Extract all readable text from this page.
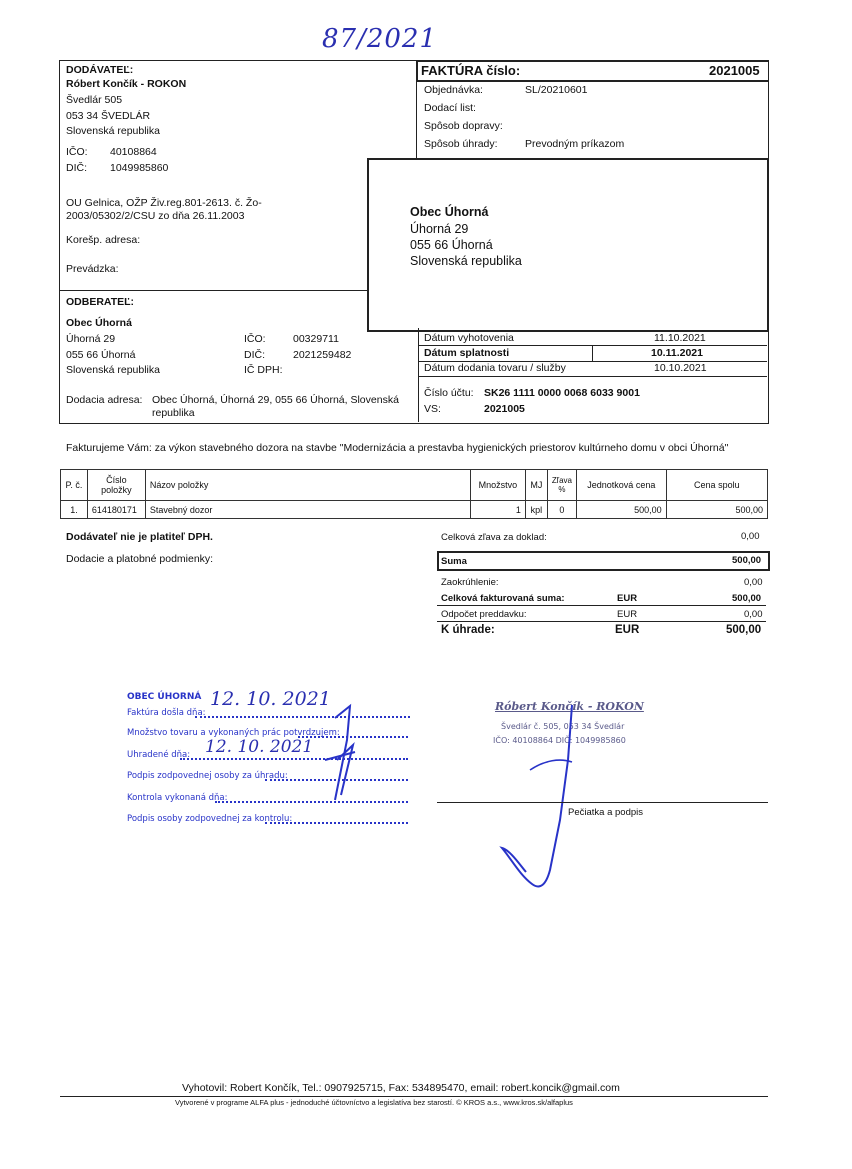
87/2021
DODÁVATEĽ:
Róbert Končík - ROKON
Švedlár 505
053 34 ŠVEDLÁR
Slovenská republika
IČO: 40108864
DIČ: 1049985860
OU Gelnica, OŽP Živ.reg.801-2613. č. Žo-2003/05302/2/CSU zo dňa 26.11.2003
Korešp. adresa:
Prevádzka:
FAKTÚRA číslo:	2021005
Objednávka:	SL/20210601
Dodací list:
Spôsob dopravy:
Spôsob úhrady:	Prevodným príkazom
Obec Úhorná
Úhorná 29
055 66 Úhorná
Slovenská republika
ODBERATEĽ:
Obec Úhorná
Úhorná 29
055 66 Úhorná
Slovenská republika
IČO:	00329711
DIČ:	2021259482
IČ DPH:
Dodacia adresa: Obec Úhorná, Úhorná 29, 055 66 Úhorná, Slovenská republika
Dátum vyhotovenia	11.10.2021
Dátum splatnosti	10.11.2021
Dátum dodania tovaru / služby	10.10.2021
Číslo účtu: SK26 1111 0000 0068 6033 9001
VS:	2021005
Fakturujeme Vám: za výkon stavebného dozora na stavbe "Modernizácia a prestavba hygienických priestorov kultúrneho domu v obci Úhorná"
P. č.	Číslo položky	Názov položky	Množstvo	MJ	Zľava %	Jednotková cena	Cena spolu
1.	614180171	Stavebný dozor	1	kpl	0	500,00	500,00
Dodávateľ nie je platiteľ DPH.
Dodacie a platobné podmienky:
Celková zľava za doklad:	0,00
Suma	500,00
Zaokrúhlenie:	0,00
Celková fakturovaná suma:	EUR	500,00
Odpočet preddavku:	EUR	0,00
K úhrade:	EUR	500,00
OBEC ÚHORNÁ
Faktúra došla dňa:
12. 10. 2021
Množstvo tovaru a vykonaných prác potvrdzujem:
Uhradené dňa: 12. 10. 2021
Podpis zodpovednej osoby za úhradu:
Kontrola vykonaná dňa:
Podpis osoby zodpovednej za kontrolu:
Róbert Končík - ROKON
Švedlár č. 505, 053 34 Švedlár
IČO: 40108864 DIČ: 1049985860
Pečiatka a podpis
Vyhotovil: Robert Končík, Tel.: 0907925715, Fax: 534895470, email: robert.koncik@gmail.com
Vytvorené v programe ALFA plus - jednoduché účtovníctvo a legislatíva bez starostí. © KROS a.s., www.kros.sk/alfaplus
